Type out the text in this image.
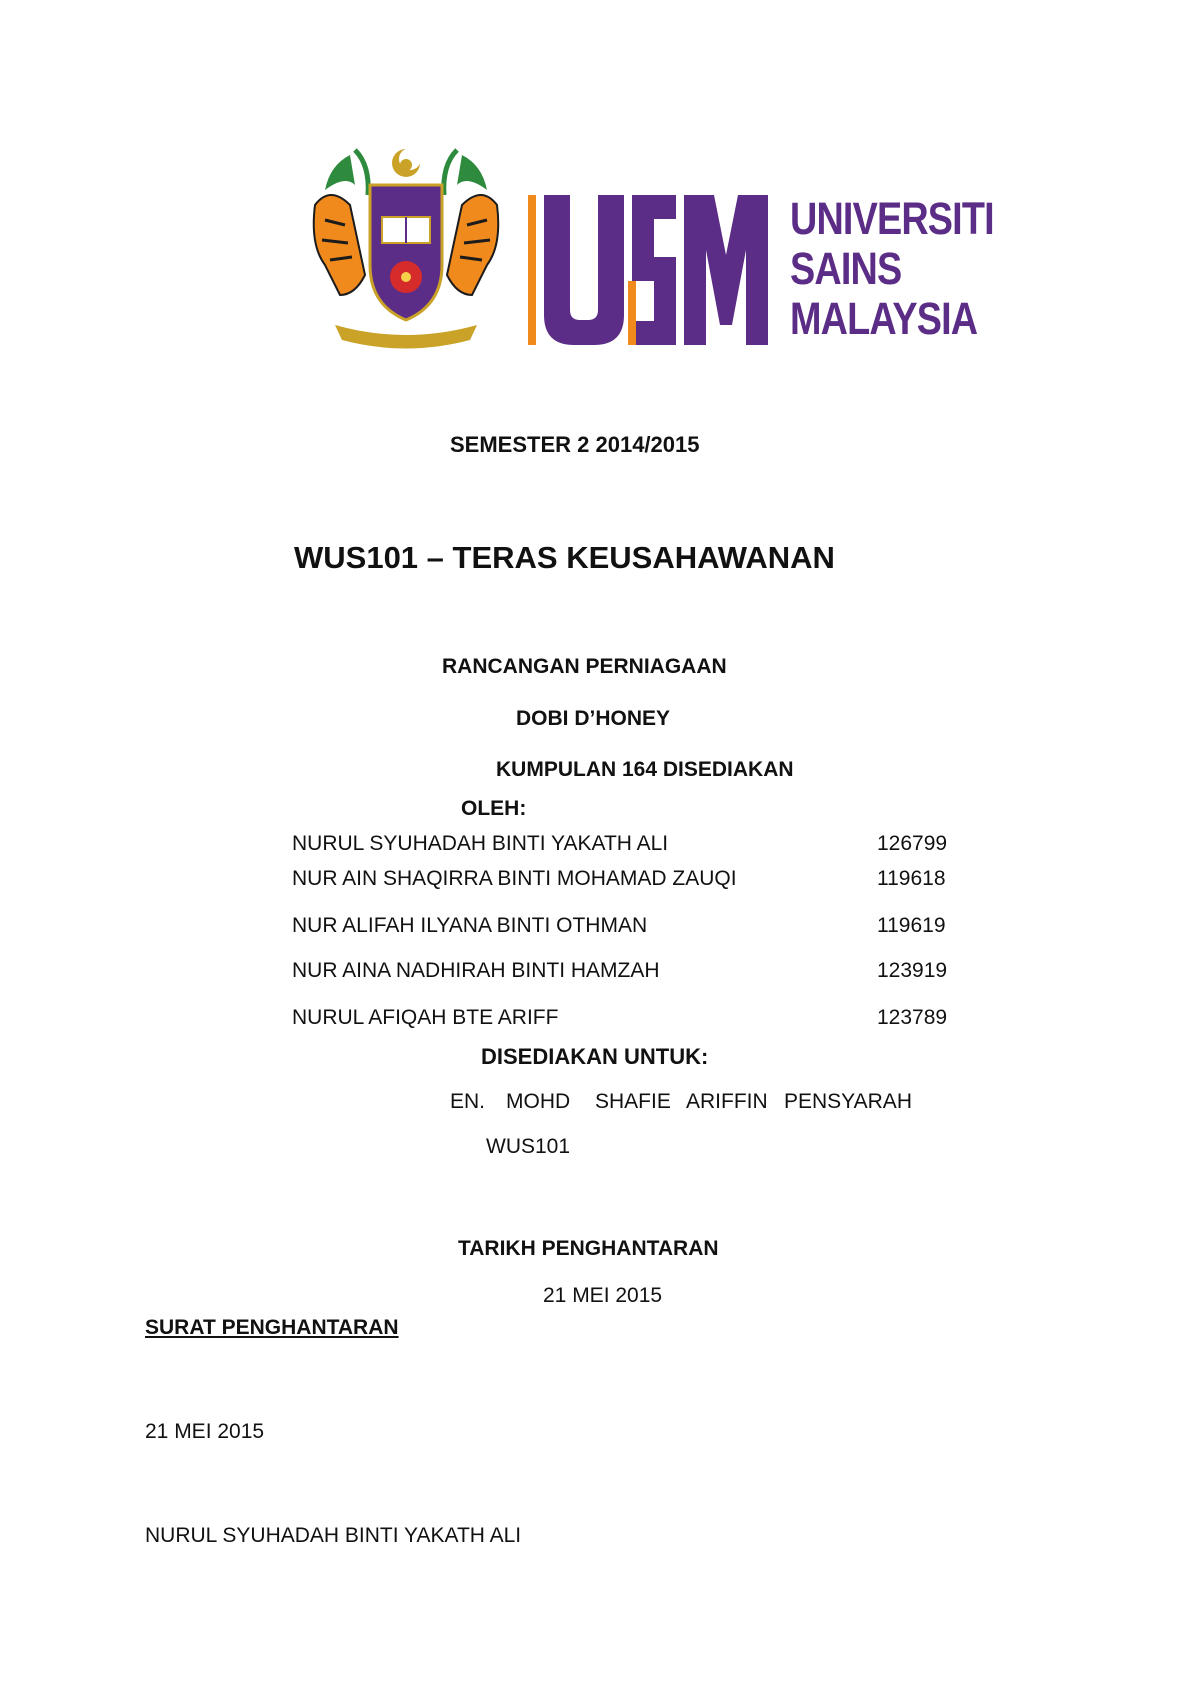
UNIVERSITI
SAINS
MALAYSIA
SEMESTER 2 2014/2015
WUS101 – TERAS KEUSAHAWANAN
RANCANGAN PERNIAGAAN
DOBI D’HONEY
KUMPULAN 164 DISEDIAKAN
OLEH:
NURUL SYUHADAH BINTI YAKATH ALI	126799
NUR AIN SHAQIRRA BINTI MOHAMAD ZAUQI	119618
NUR ALIFAH ILYANA BINTI OTHMAN	119619
NUR AINA NADHIRAH BINTI HAMZAH	123919
NURUL AFIQAH BTE ARIFF	123789
DISEDIAKAN UNTUK:
EN. MOHD SHAFIE ARIFFIN PENSYARAH
WUS101
TARIKH PENGHANTARAN
21 MEI 2015
SURAT PENGHANTARAN
21 MEI 2015
NURUL SYUHADAH BINTI YAKATH ALI
